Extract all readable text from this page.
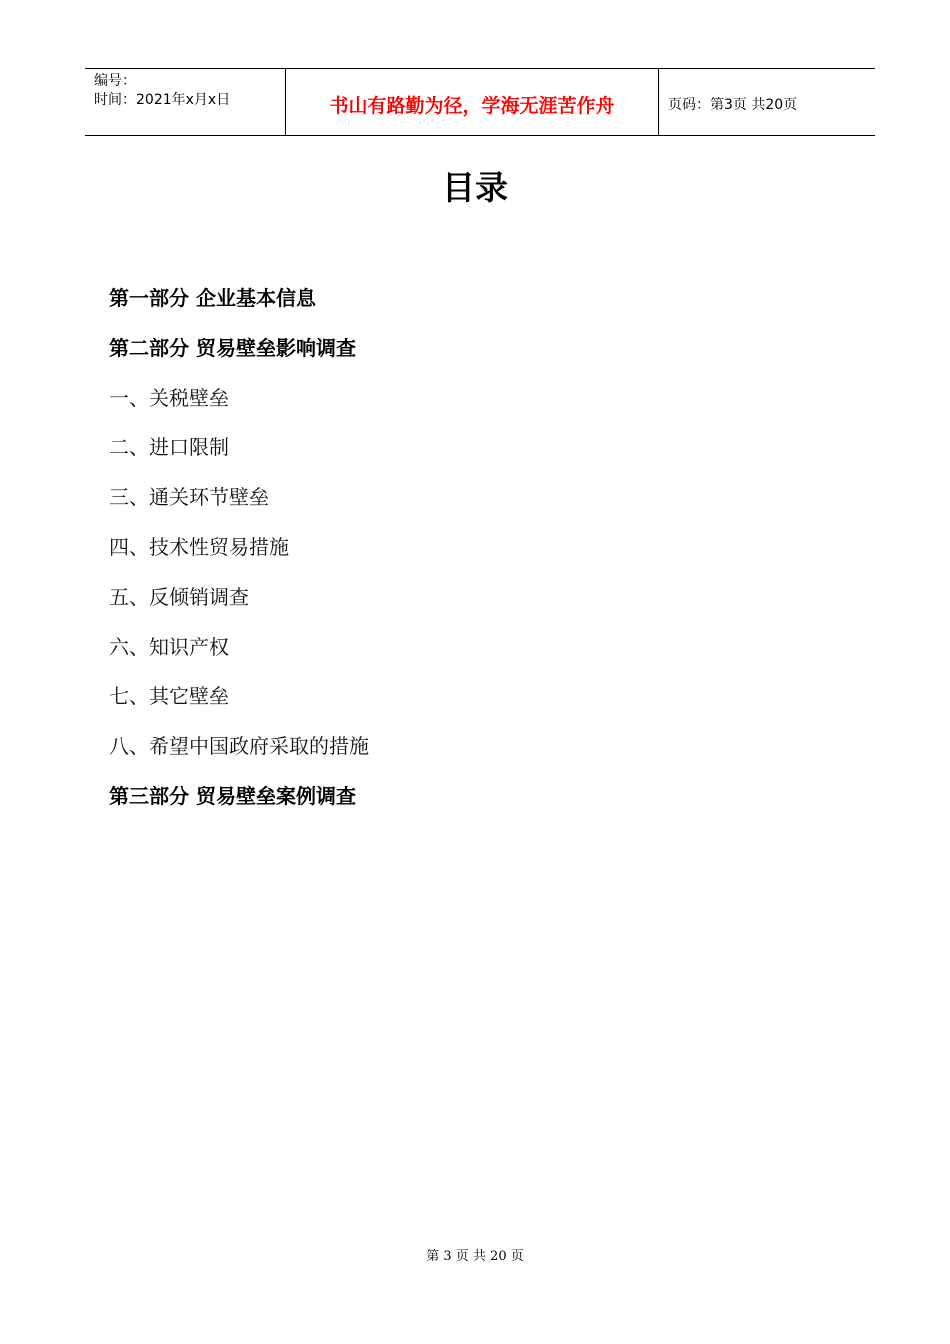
编号：
时间：2021年x月x日	书山有路勤为径，学海无涯苦作舟	页码：第3页 共20页
目录
第一部分 企业基本信息
第二部分 贸易壁垒影响调查
一、关税壁垒
二、进口限制
三、通关环节壁垒
四、技术性贸易措施
五、反倾销调查
六、知识产权
七、其它壁垒
八、希望中国政府采取的措施
第三部分 贸易壁垒案例调查
第 3 页 共 20 页
